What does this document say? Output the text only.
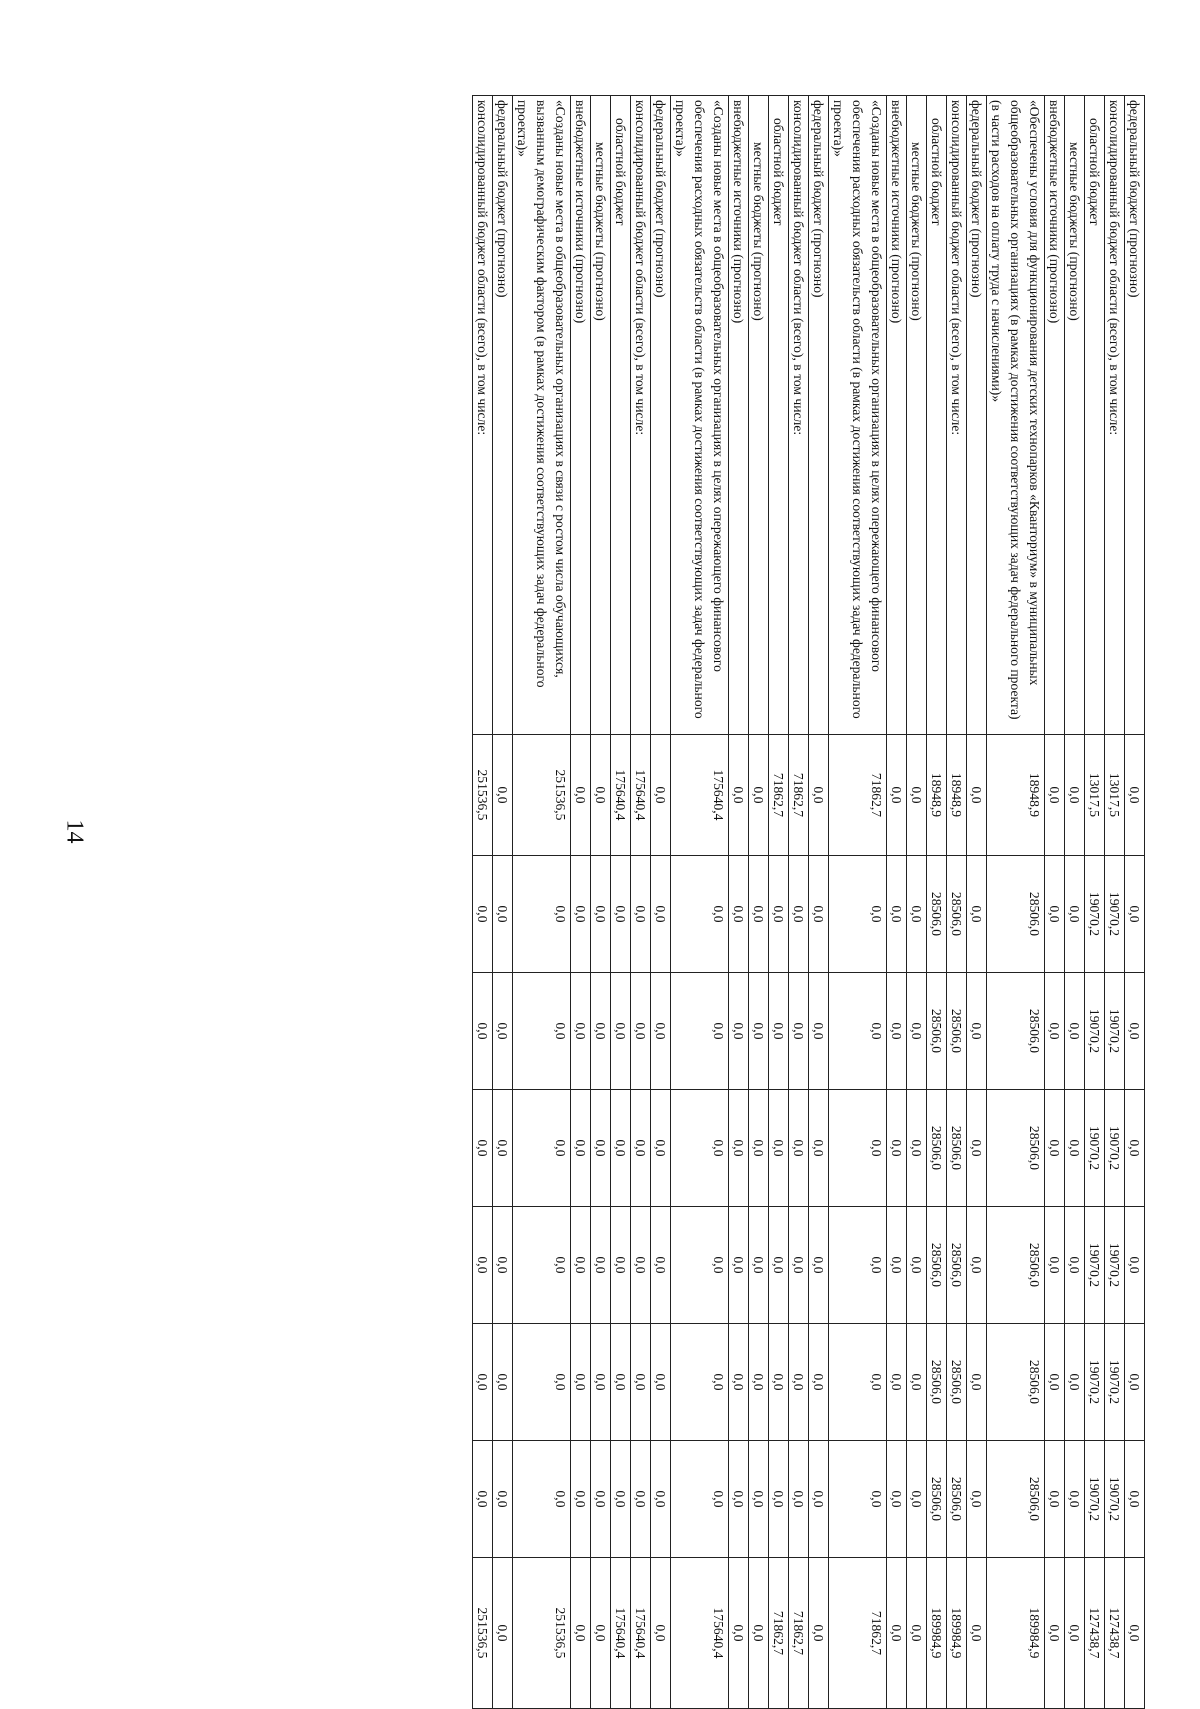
14
федеральный бюджет (прогнозно)	0,0	0,0	0,0	0,0	0,0	0,0	0,0	0,0
консолидированный бюджет области (всего), в том числе:	13017,5	19070,2	19070,2	19070,2	19070,2	19070,2	19070,2	127438,7
областной бюджет	13017,5	19070,2	19070,2	19070,2	19070,2	19070,2	19070,2	127438,7
местные бюджеты (прогнозно)	0,0	0,0	0,0	0,0	0,0	0,0	0,0	0,0
внебюджетные источники (прогнозно)	0,0	0,0	0,0	0,0	0,0	0,0	0,0	0,0
«Обеспечены условия для функционирования детских технопарков «Кванториум» в муниципальных общеобразовательных организациях (в рамках достижения соответствующих задач федерального проекта) (в части расходов на оплату труда с начислениями)»	18948,9	28506,0	28506,0	28506,0	28506,0	28506,0	28506,0	189984,9
федеральный бюджет (прогнозно)	0,0	0,0	0,0	0,0	0,0	0,0	0,0	0,0
консолидированный бюджет области (всего), в том числе:	18948,9	28506,0	28506,0	28506,0	28506,0	28506,0	28506,0	189984,9
областной бюджет	18948,9	28506,0	28506,0	28506,0	28506,0	28506,0	28506,0	189984,9
местные бюджеты (прогнозно)	0,0	0,0	0,0	0,0	0,0	0,0	0,0	0,0
внебюджетные источники (прогнозно)	0,0	0,0	0,0	0,0	0,0	0,0	0,0	0,0
«Созданы новые места в общеобразовательных организациях в целях опережающего финансового обеспечения расходных обязательств области (в рамках достижения соответствующих задач федерального проекта)»	71862,7	0,0	0,0	0,0	0,0	0,0	0,0	71862,7
федеральный бюджет (прогнозно)	0,0	0,0	0,0	0,0	0,0	0,0	0,0	0,0
консолидированный бюджет области (всего), в том числе:	71862,7	0,0	0,0	0,0	0,0	0,0	0,0	71862,7
областной бюджет	71862,7	0,0	0,0	0,0	0,0	0,0	0,0	71862,7
местные бюджеты (прогнозно)	0,0	0,0	0,0	0,0	0,0	0,0	0,0	0,0
внебюджетные источники (прогнозно)	0,0	0,0	0,0	0,0	0,0	0,0	0,0	0,0
«Созданы новые места в общеобразовательных организациях в целях опережающего финансового обеспечения расходных обязательств области (в рамках достижения соответствующих задач федерального проекта)»	175640,4	0,0	0,0	0,0	0,0	0,0	0,0	175640,4
федеральный бюджет (прогнозно)	0,0	0,0	0,0	0,0	0,0	0,0	0,0	0,0
консолидированный бюджет области (всего), в том числе:	175640,4	0,0	0,0	0,0	0,0	0,0	0,0	175640,4
областной бюджет	175640,4	0,0	0,0	0,0	0,0	0,0	0,0	175640,4
местные бюджеты (прогнозно)	0,0	0,0	0,0	0,0	0,0	0,0	0,0	0,0
внебюджетные источники (прогнозно)	0,0	0,0	0,0	0,0	0,0	0,0	0,0	0,0
«Созданы новые места в общеобразовательных организациях в связи с ростом числа обучающихся, вызванным демографическим фактором (в рамках достижения соответствующих задач федерального проекта)»	251536,5	0,0	0,0	0,0	0,0	0,0	0,0	251536,5
федеральный бюджет (прогнозно)	0,0	0,0	0,0	0,0	0,0	0,0	0,0	0,0
консолидированный бюджет области (всего), в том числе:	251536,5	0,0	0,0	0,0	0,0	0,0	0,0	251536,5
